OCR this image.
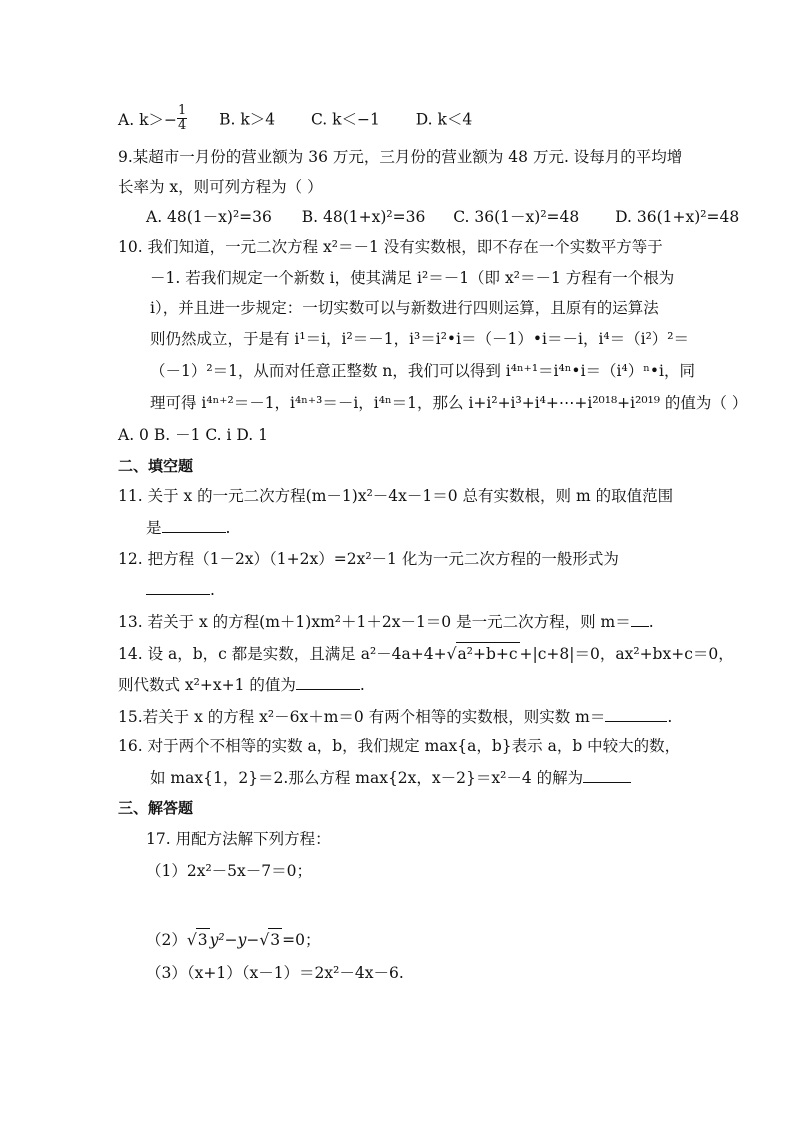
A. $k>- \frac{1}{4} B$. k＞4 C. k＜−1 D. k＜4
9.某超市一月份的营业额为 36 万元，三月份的营业额为 48 万元. 设每月的平均增
长率为 x，则可列方程为（ ）
A. 48(1－x)²=36 B. 48(1+x)²=36 C. 36(1－x)²=48 D. 36(1+x)²=48
10. 我们知道，一元二次方程 x²＝－1 没有实数根，即不存在一个实数平方等于
－1. 若我们规定一个新数 i，使其满足 i²＝－1（即 x²＝－1 方程有一个根为
i），并且进一步规定：一切实数可以与新数进行四则运算，且原有的运算法
则仍然成立，于是有 i¹＝i，i²＝－1，i³＝i²•i＝（－1）•i＝－i，i⁴＝（i²）²＝
（－1）²＝1，从而对任意正整数 n，我们可以得到 i⁴ⁿ⁺¹＝i⁴ⁿ•i＝（i⁴）ⁿ•i，同
理可得 i⁴ⁿ⁺²＝－1，i⁴ⁿ⁺³＝－i，i⁴ⁿ＝1，那么 i+i²+i³+i⁴+⋯+i²⁰¹⁸+i²⁰¹⁹ 的值为（ ）
A. 0 B. －1 C. i D. 1
二、填空题
11. 关于 x 的一元二次方程(m－1)x²－4x－1＝0 总有实数根，则 m 的取值范围
是	.
12. 把方程（1－2x）（1+2x）=2x²－1 化为一元二次方程的一般形式为
.
13. 若关于 x 的方程(m＋1)xm²＋1＋2x－1＝0 是一元二次方程，则 m＝ .
14. 设 a，b，c 都是实数，且满足 a²－4a+4+√a²+b+c +|c+8|＝0，ax²+bx+c＝0，
则代数式 x²+x+1 的值为	.
15.若关于 x 的方程 x²－6x＋m＝0 有两个相等的实数根，则实数 m＝	.
16. 对于两个不相等的实数 a，b，我们规定 max{a，b}表示 a，b 中较大的数，
如 max{1，2}＝2.那么方程 max{2x，x－2}＝x²－4 的解为
三、解答题
17. 用配方法解下列方程：
（1）2x²－5x－7＝0；
（2）√3 y²−y−√3 =0；
（3）（x+1）（x－1）＝2x²－4x－6.
